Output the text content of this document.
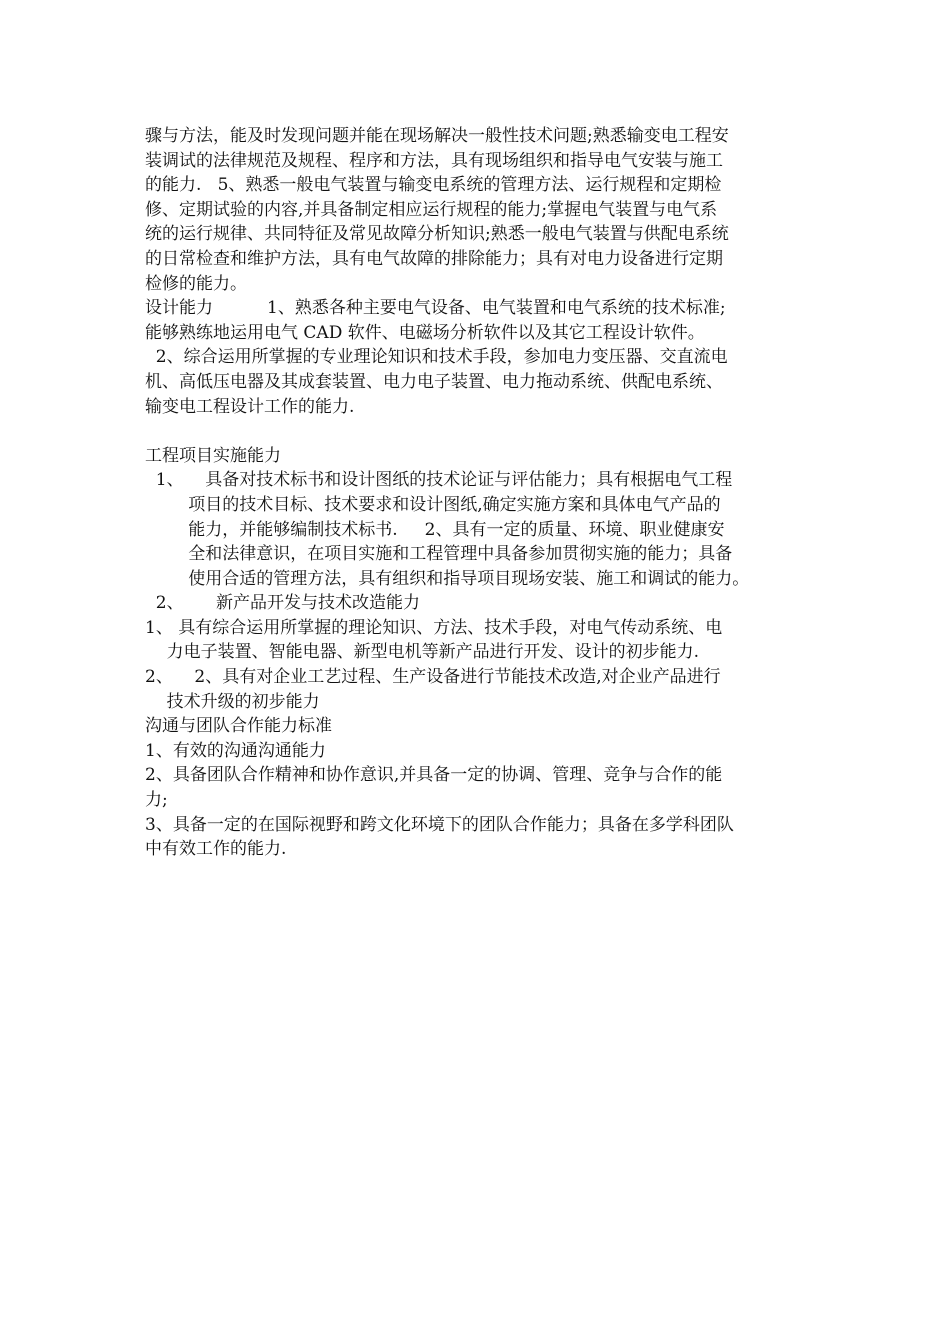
骤与方法，能及时发现问题并能在现场解决一般性技术问题;熟悉输变电工程安
装调试的法律规范及规程、程序和方法，具有现场组织和指导电气安装与施工
的能力.   5、熟悉一般电气装置与输变电系统的管理方法、运行规程和定期检
修、定期试验的内容,并具备制定相应运行规程的能力;掌握电气装置与电气系
统的运行规律、共同特征及常见故障分析知识;熟悉一般电气装置与供配电系统
的日常检查和维护方法，具有电气故障的排除能力；具有对电力设备进行定期
检修的能力。
设计能力          1、熟悉各种主要电气设备、电气装置和电气系统的技术标准;
能够熟练地运用电气 CAD 软件、电磁场分析软件以及其它工程设计软件。
2、综合运用所掌握的专业理论知识和技术手段，参加电力变压器、交直流电
机、高低压电器及其成套装置、电力电子装置、电力拖动系统、供配电系统、
输变电工程设计工作的能力.
工程项目实施能力
1、    具备对技术标书和设计图纸的技术论证与评估能力；具有根据电气工程
项目的技术目标、技术要求和设计图纸,确定实施方案和具体电气产品的
能力，并能够编制技术标书.     2、具有一定的质量、环境、职业健康安
全和法律意识，在项目实施和工程管理中具备参加贯彻实施的能力；具备
使用合适的管理方法，具有组织和指导项目现场安装、施工和调试的能力。
2、      新产品开发与技术改造能力
1、 具有综合运用所掌握的理论知识、方法、技术手段，对电气传动系统、电
力电子装置、智能电器、新型电机等新产品进行开发、设计的初步能力.
2、    2、具有对企业工艺过程、生产设备进行节能技术改造,对企业产品进行
技术升级的初步能力
沟通与团队合作能力标准
1、有效的沟通沟通能力
2、具备团队合作精神和协作意识,并具备一定的协调、管理、竞争与合作的能
力;
3、具备一定的在国际视野和跨文化环境下的团队合作能力；具备在多学科团队
中有效工作的能力.
